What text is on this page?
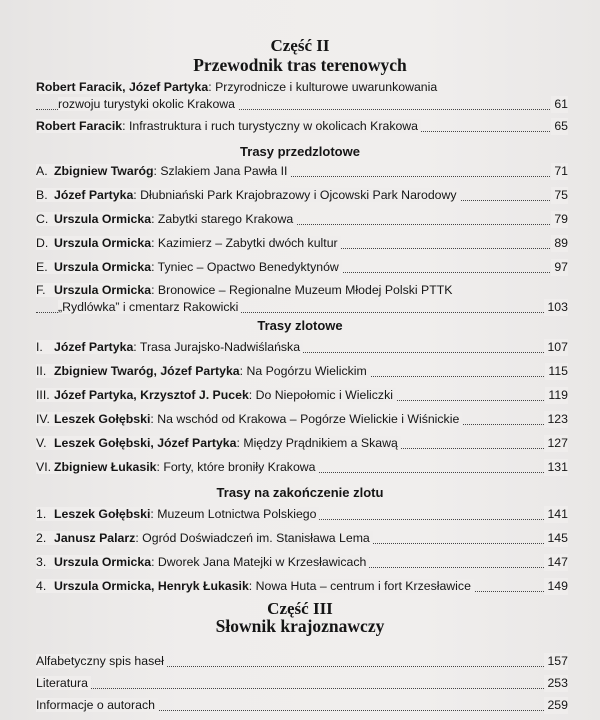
Część II
Przewodnik tras terenowych
Robert Faracik, Józef Partyka: Przyrodnicze i kulturowe uwarunkowania
rozwoju turystyki okolic Krakowa	61
Robert Faracik: Infrastruktura i ruch turystyczny w okolicach Krakowa	65
Trasy przedzlotowe
A. Zbigniew Twaróg: Szlakiem Jana Pawła II	71
B. Józef Partyka: Dłubniański Park Krajobrazowy i Ojcowski Park Narodowy	75
C. Urszula Ormicka: Zabytki starego Krakowa	79
D. Urszula Ormicka: Kazimierz – Zabytki dwóch kultur	89
E. Urszula Ormicka: Tyniec – Opactwo Benedyktynów	97
F. Urszula Ormicka: Bronowice – Regionalne Muzeum Młodej Polski PTTK
„Rydlówka” i cmentarz Rakowicki	103
Trasy zlotowe
I. Józef Partyka: Trasa Jurajsko-Nadwiślańska	107
II. Zbigniew Twaróg, Józef Partyka: Na Pogórzu Wielickim	115
III. Józef Partyka, Krzysztof J. Pucek: Do Niepołomic i Wieliczki	119
IV. Leszek Gołębski: Na wschód od Krakowa – Pogórze Wielickie i Wiśnickie	123
V. Leszek Gołębski, Józef Partyka: Między Prądnikiem a Skawą	127
VI. Zbigniew Łukasik: Forty, które broniły Krakowa	131
Trasy na zakończenie zlotu
1. Leszek Gołębski: Muzeum Lotnictwa Polskiego	141
2. Janusz Palarz: Ogród Doświadczeń im. Stanisława Lema	145
3. Urszula Ormicka: Dworek Jana Matejki w Krzesławicach	147
4. Urszula Ormicka, Henryk Łukasik: Nowa Huta – centrum i fort Krzesławice	149
Część III
Słownik krajoznawczy
Alfabetyczny spis haseł	157
Literatura	253
Informacje o autorach	259
